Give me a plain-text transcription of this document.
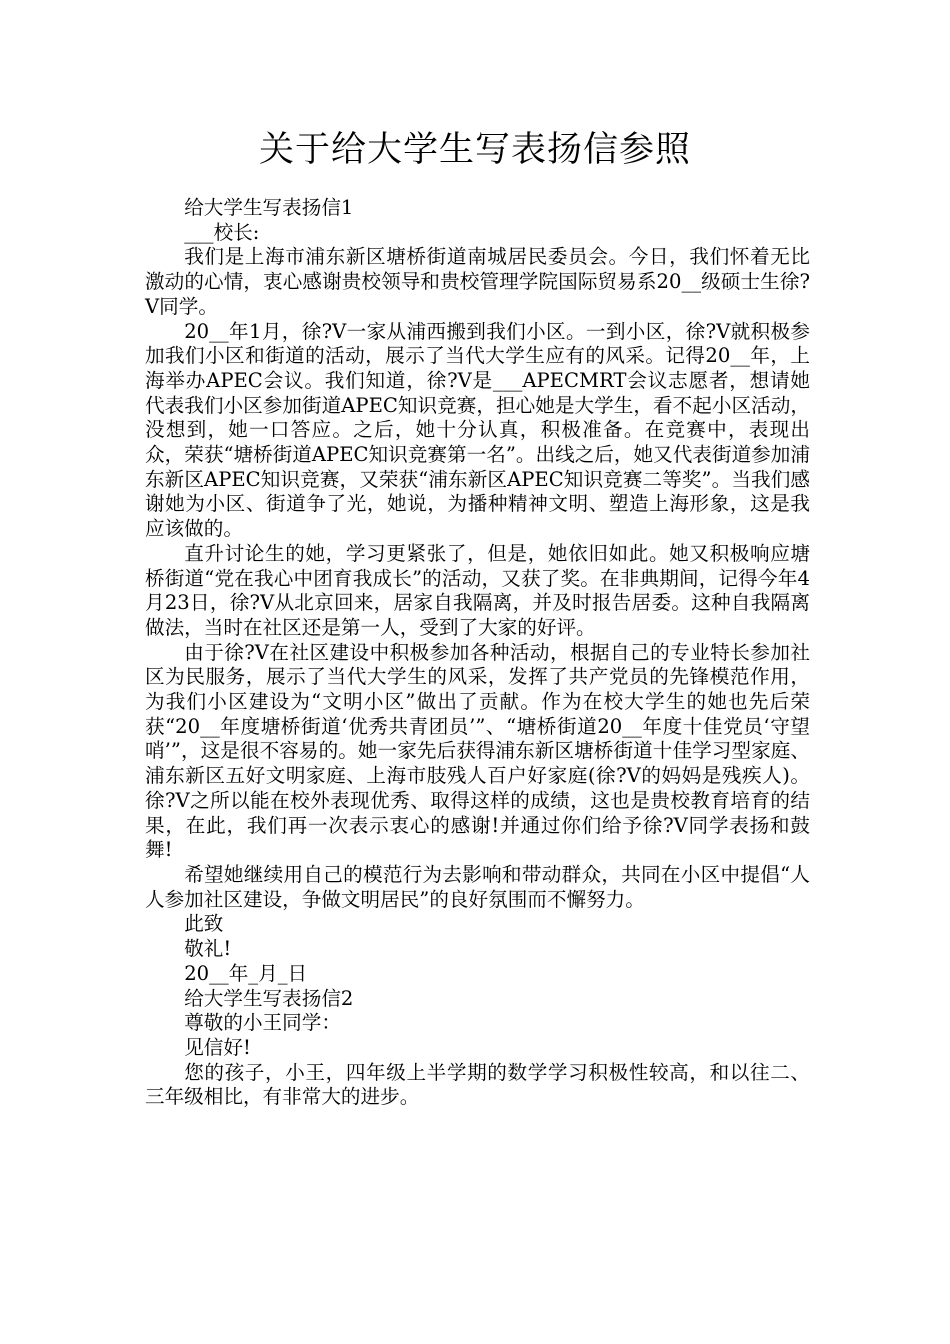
关于给大学生写表扬信参照

给大学生写表扬信1

___校长:

我们是上海市浦东新区塘桥街道南城居民委员会。今日，我们怀着无比激动的心情，衷心感谢贵校领导和贵校管理学院国际贸易系20__级硕士生徐?V同学。

20__年1月，徐?V一家从浦西搬到我们小区。一到小区，徐?V就积极参加我们小区和街道的活动，展示了当代大学生应有的风采。记得20__年，上海举办APEC会议。我们知道，徐?V是___APECMRT会议志愿者，想请她代表我们小区参加街道APEC知识竞赛，担心她是大学生，看不起小区活动，没想到，她一口答应。之后，她十分认真，积极准备。在竞赛中，表现出众，荣获“塘桥街道APEC知识竞赛第一名”。出线之后，她又代表街道参加浦东新区APEC知识竞赛，又荣获“浦东新区APEC知识竞赛二等奖”。当我们感谢她为小区、街道争了光，她说，为播种精神文明、塑造上海形象，这是我应该做的。

直升讨论生的她，学习更紧张了，但是，她依旧如此。她又积极响应塘桥街道“党在我心中团育我成长”的活动，又获了奖。在非典期间，记得今年4月23日，徐?V从北京回来，居家自我隔离，并及时报告居委。这种自我隔离做法，当时在社区还是第一人，受到了大家的好评。

由于徐?V在社区建设中积极参加各种活动，根据自己的专业特长参加社区为民服务，展示了当代大学生的风采，发挥了共产党员的先锋模范作用，为我们小区建设为“文明小区”做出了贡献。作为在校大学生的她也先后荣获“20__年度塘桥街道‘优秀共青团员’”、“塘桥街道20__年度十佳党员‘守望哨’”，这是很不容易的。她一家先后获得浦东新区塘桥街道十佳学习型家庭、浦东新区五好文明家庭、上海市肢残人百户好家庭(徐?V的妈妈是残疾人)。徐?V之所以能在校外表现优秀、取得这样的成绩，这也是贵校教育培育的结果，在此，我们再一次表示衷心的感谢!并通过你们给予徐?V同学表扬和鼓舞!

希望她继续用自己的模范行为去影响和带动群众，共同在小区中提倡“人人参加社区建设，争做文明居民”的良好氛围而不懈努力。

此致

敬礼!

20__年_月_日

给大学生写表扬信2

尊敬的小王同学：

见信好!

您的孩子，小王，四年级上半学期的数学学习积极性较高，和以往二、三年级相比，有非常大的进步。
